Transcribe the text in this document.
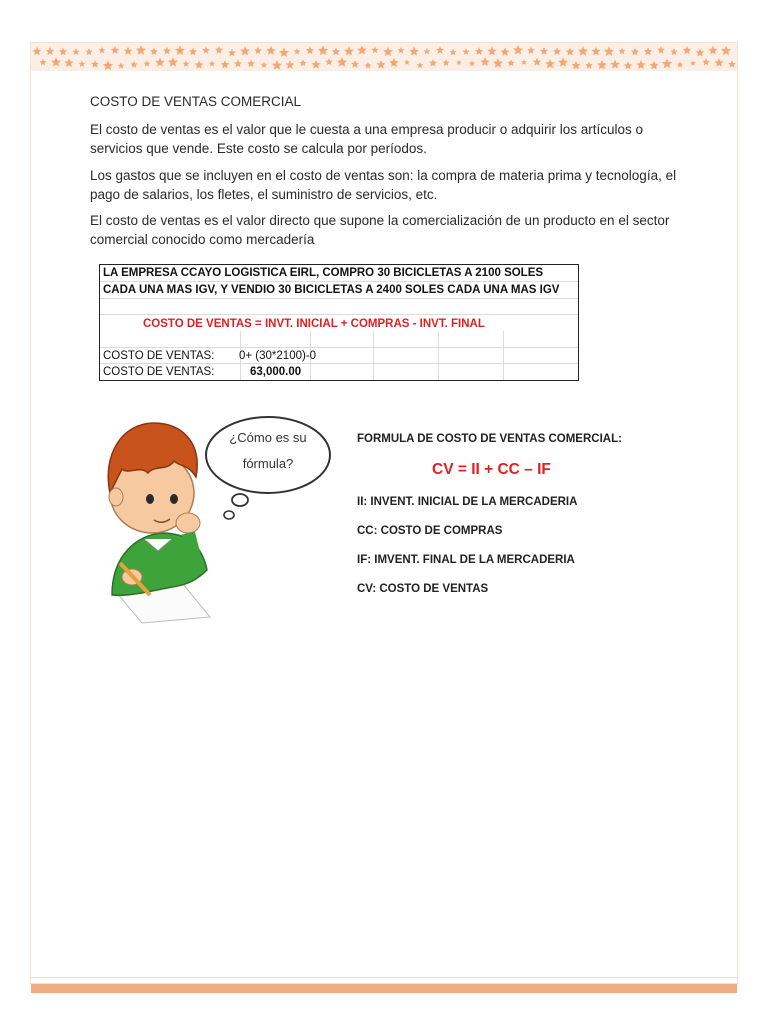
COSTO DE VENTAS COMERCIAL

El costo de ventas es el valor que le cuesta a una empresa producir o adquirir los artículos o servicios que vende. Este costo se calcula por períodos.

Los gastos que se incluyen en el costo de ventas son: la compra de materia prima y tecnología, el pago de salarios, los fletes, el suministro de servicios, etc.

El costo de ventas es el valor directo que supone la comercialización de un producto en el sector comercial conocido como mercadería

LA EMPRESA CCAYO LOGISTICA EIRL, COMPRO 30 BICICLETAS A 2100 SOLES
CADA UNA MAS IGV, Y VENDIO 30 BICICLETAS A 2400 SOLES CADA UNA MAS IGV
COSTO DE VENTAS = INVT. INICIAL + COMPRAS - INVT. FINAL
COSTO DE VENTAS: 0+ (30*2100)-0
COSTO DE VENTAS:	63,000.00
¿Cómo es su
fórmula?
FORMULA DE COSTO DE VENTAS COMERCIAL:
CV = II + CC – IF
II: INVENT. INICIAL DE LA MERCADERIA
CC: COSTO DE COMPRAS
IF: IMVENT. FINAL DE LA MERCADERIA
CV: COSTO DE VENTAS
